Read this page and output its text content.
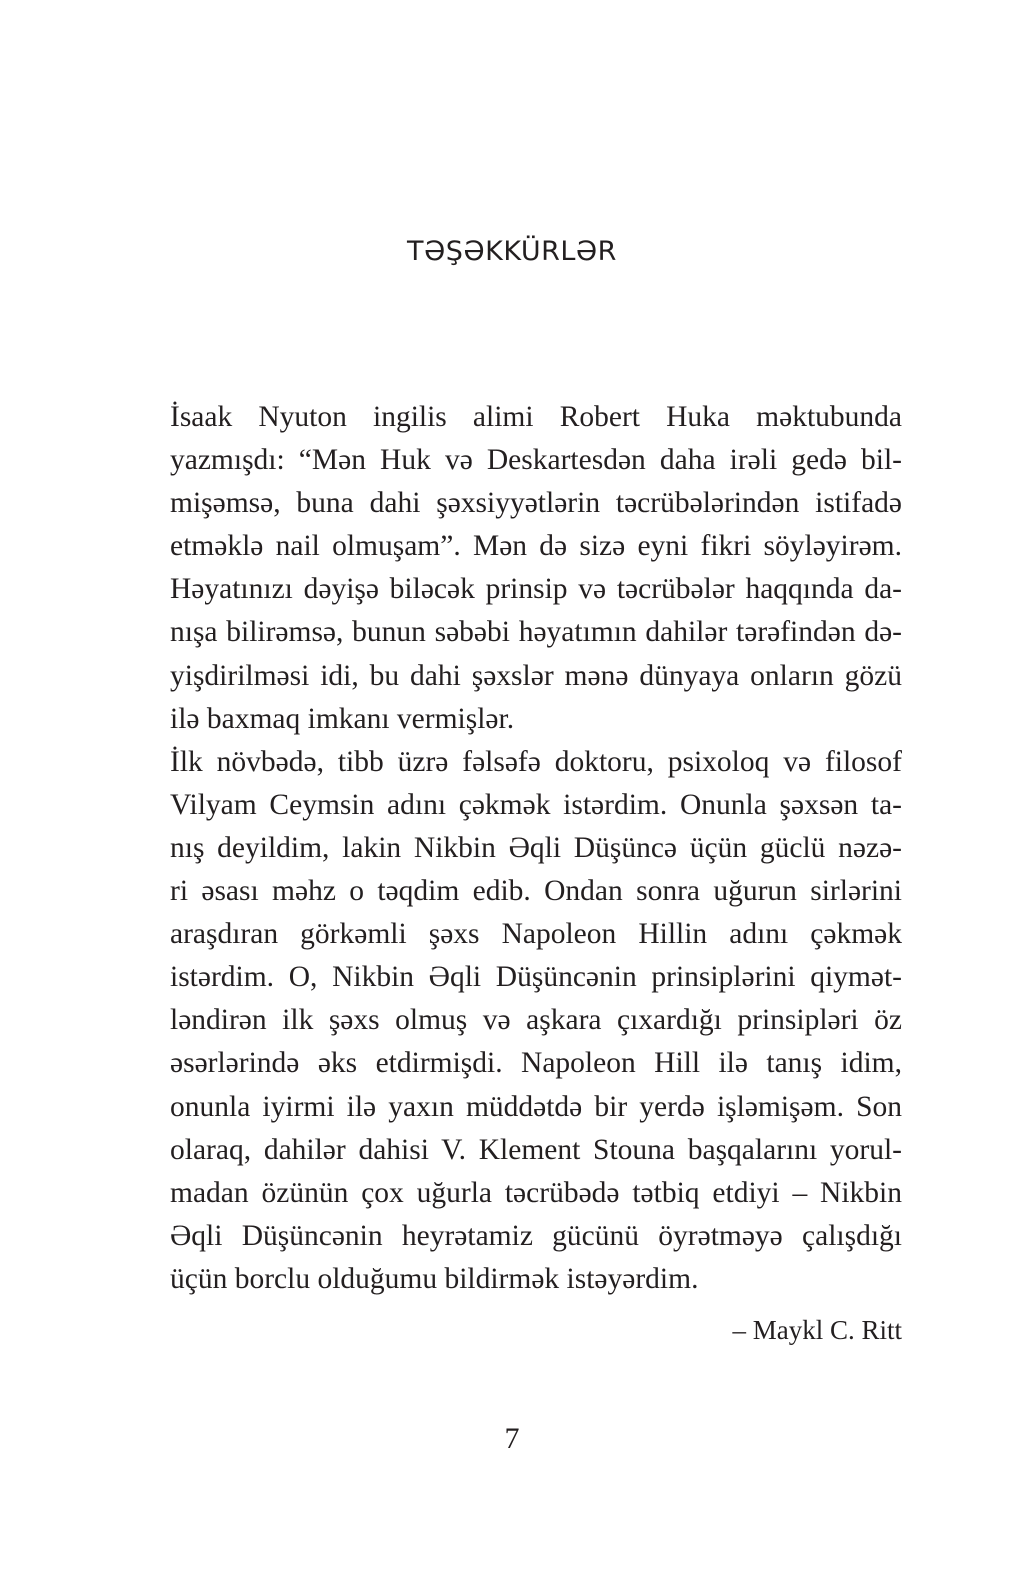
TƏŞƏKKÜRLƏR

İsaak Nyuton ingilis alimi Robert Huka məktubunda
yazmışdı: “Mən Huk və Deskartesdən daha irəli gedə bil-
mişəmsə, buna dahi şəxsiyyətlərin təcrübələrindən istifadə
etməklə nail olmuşam”. Mən də sizə eyni fikri söyləyirəm.
Həyatınızı dəyişə biləcək prinsip və təcrübələr haqqında da-
nışa bilirəmsə, bunun səbəbi həyatımın dahilər tərəfindən də-
yişdirilməsi idi, bu dahi şəxslər mənə dünyaya onların gözü
ilə baxmaq imkanı vermişlər.

İlk növbədə, tibb üzrə fəlsəfə doktoru, psixoloq və filosof
Vilyam Ceymsin adını çəkmək istərdim. Onunla şəxsən ta-
nış deyildim, lakin Nikbin Əqli Düşüncə üçün güclü nəzə-
ri əsası məhz o təqdim edib. Ondan sonra uğurun sirlərini
araşdıran görkəmli şəxs Napoleon Hillin adını çəkmək
istərdim. O, Nikbin Əqli Düşüncənin prinsiplərini qiymət-
ləndirən ilk şəxs olmuş və aşkara çıxardığı prinsipləri öz
əsərlərində əks etdirmişdi. Napoleon Hill ilə tanış idim,
onunla iyirmi ilə yaxın müddətdə bir yerdə işləmişəm. Son
olaraq, dahilər dahisi V. Klement Stouna başqalarını yorul-
madan özünün çox uğurla təcrübədə tətbiq etdiyi – Nikbin
Əqli Düşüncənin heyrətamiz gücünü öyrətməyə çalışdığı
üçün borclu olduğumu bildirmək istəyərdim.

– Maykl C. Ritt
7
